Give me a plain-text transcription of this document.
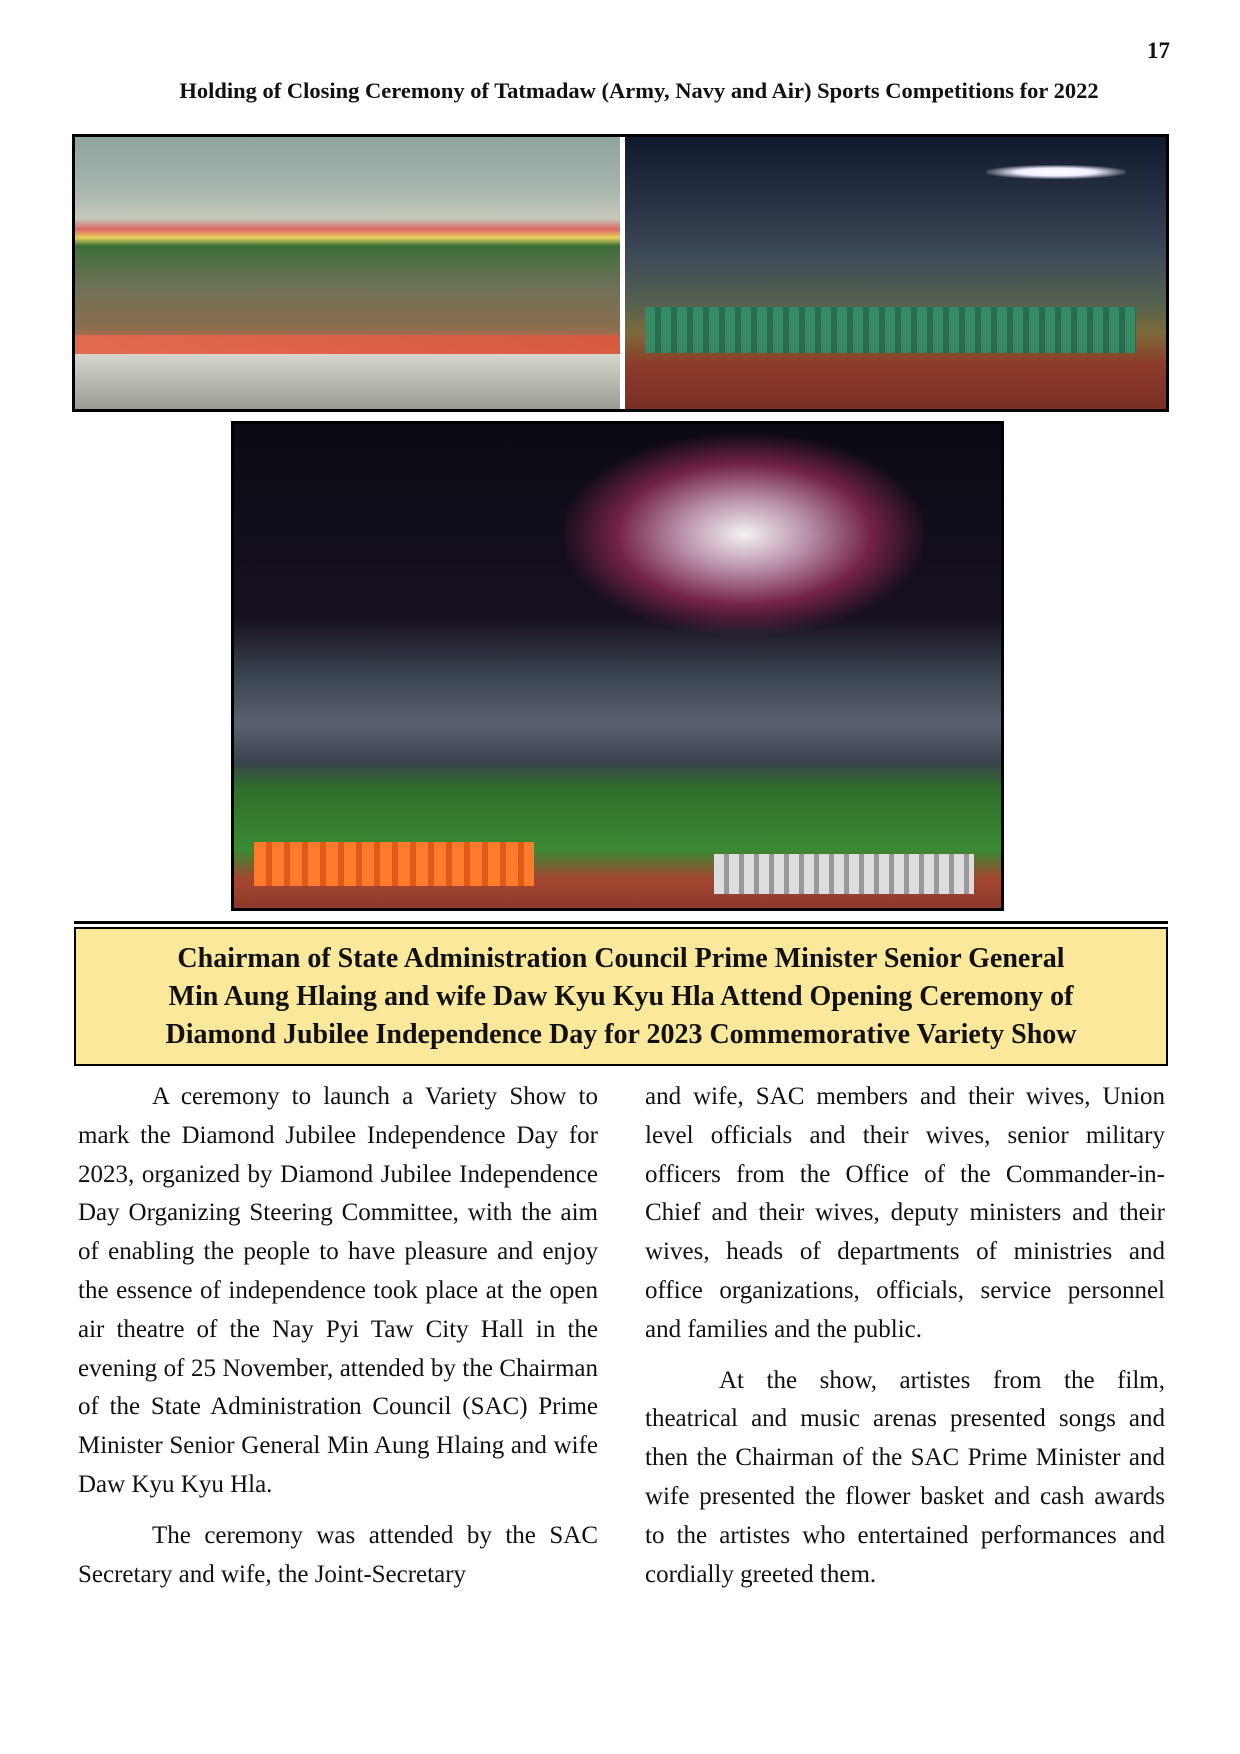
17
Holding of Closing Ceremony of Tatmadaw (Army, Navy and Air) Sports Competitions for 2022
Chairman of State Administration Council Prime Minister Senior General
Min Aung Hlaing and wife Daw Kyu Kyu Hla Attend Opening Ceremony of
Diamond Jubilee Independence Day for 2023 Commemorative Variety Show

A ceremony to launch a Variety Show to mark the Diamond Jubilee Independence Day for 2023, organized by Diamond Jubilee Independence Day Organizing Steering Committee, with the aim of enabling the people to have pleasure and enjoy the essence of independence took place at the open air theatre of the Nay Pyi Taw City Hall in the evening of 25 November, attended by the Chairman of the State Administration Council (SAC) Prime Minister Senior General Min Aung Hlaing and wife Daw Kyu Kyu Hla.

The ceremony was attended by the SAC Secretary and wife, the Joint-Secretary

and wife, SAC members and their wives, Union level officials and their wives, senior military officers from the Office of the Commander-in-Chief and their wives, deputy ministers and their wives, heads of departments of ministries and office organizations, officials, service personnel and families and the public.

At the show, artistes from the film, theatrical and music arenas presented songs and then the Chairman of the SAC Prime Minister and wife presented the flower basket and cash awards to the artistes who entertained performances and cordially greeted them.
